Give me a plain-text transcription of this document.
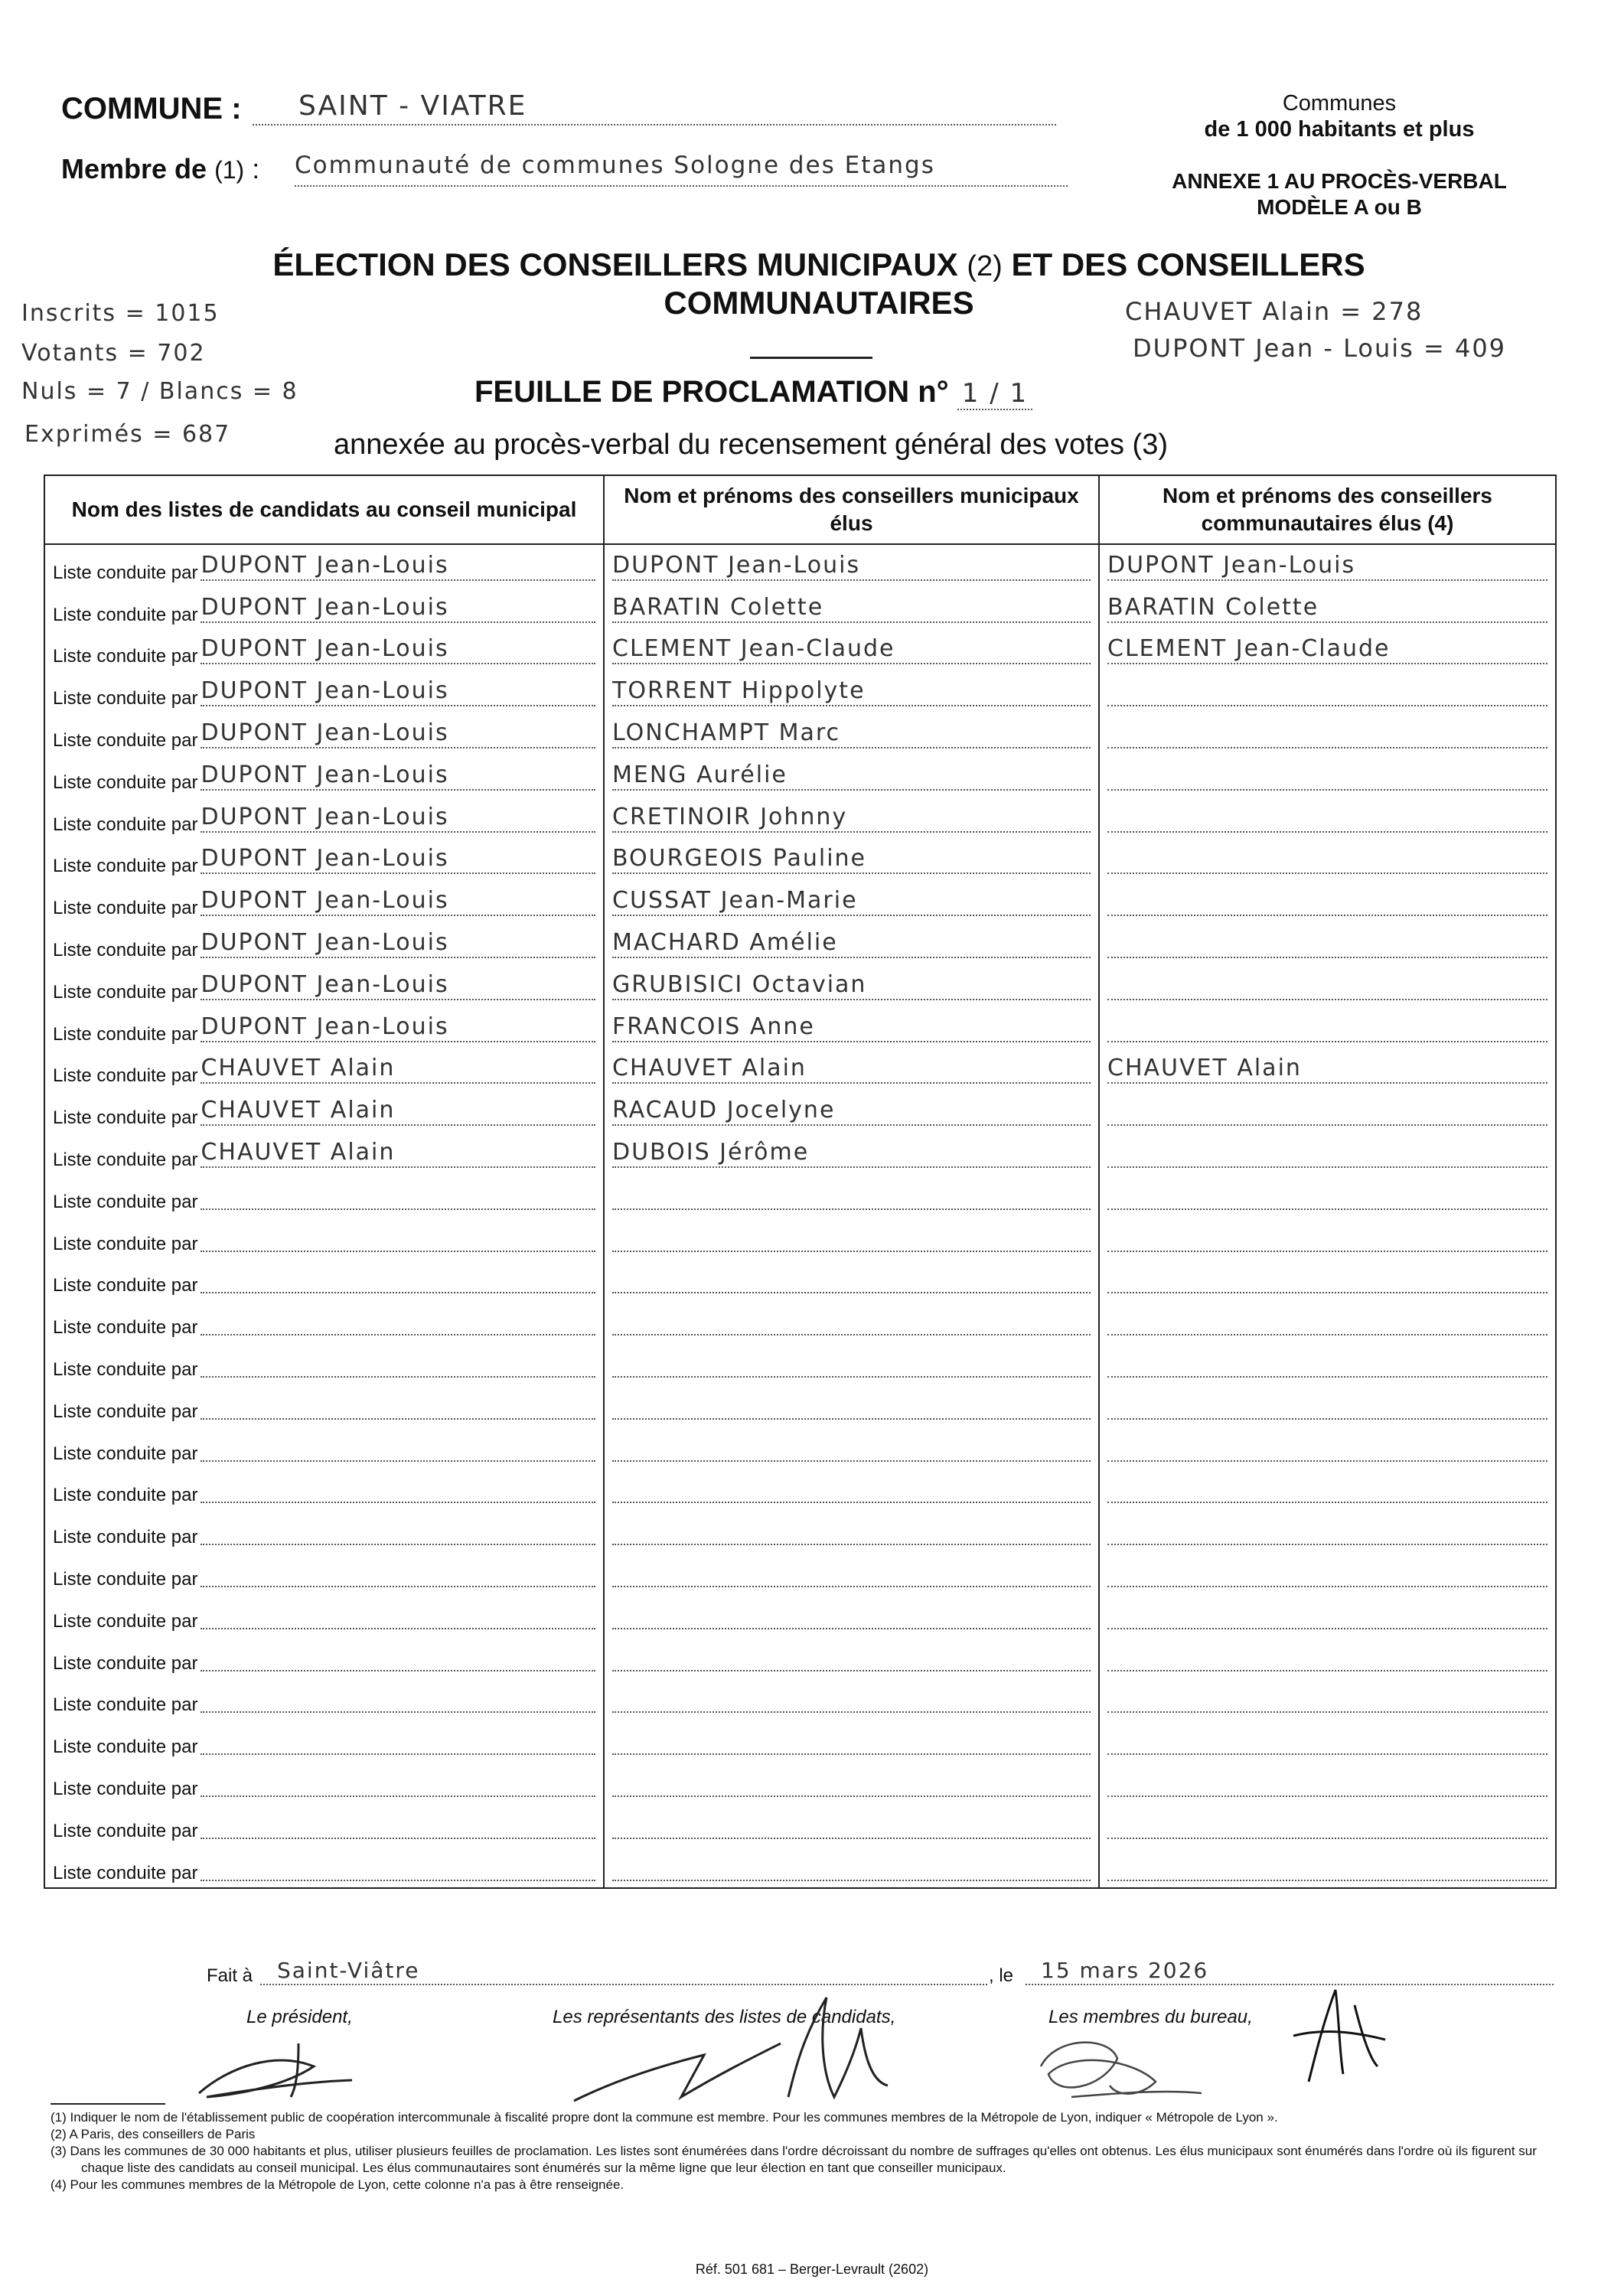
COMMUNE :	SAINT - VIATRE
Membre de (1) : Communauté de communes Sologne des Etangs
Communes
de 1 000 habitants et plus
ANNEXE 1 AU PROCÈS-VERBAL
MODÈLE A ou B
ÉLECTION DES CONSEILLERS MUNICIPAUX (2) ET DES CONSEILLERS
COMMUNAUTAIRES
FEUILLE DE PROCLAMATION n° 1 / 1
annexée au procès-verbal du recensement général des votes (3)
Inscrits = 1015
Votants = 702
Nuls = 7 / Blancs = 8
Exprimés = 687
CHAUVET Alain = 278
DUPONT Jean - Louis = 409
Nom des listes de candidats au conseil municipal	Nom et prénoms des conseillers municipaux élus	Nom et prénoms des conseillers communautaires élus (4)

Liste conduite par DUPONT Jean-Louis	DUPONT Jean-Louis	DUPONT Jean-Louis

Liste conduite par DUPONT Jean-Louis	BARATIN Colette	BARATIN Colette

Liste conduite par DUPONT Jean-Louis	CLEMENT Jean-Claude	CLEMENT Jean-Claude

Liste conduite par DUPONT Jean-Louis	TORRENT Hippolyte	

Liste conduite par DUPONT Jean-Louis	LONCHAMPT Marc	

Liste conduite par DUPONT Jean-Louis	MENG Aurélie	

Liste conduite par DUPONT Jean-Louis	CRETINOIR Johnny	

Liste conduite par DUPONT Jean-Louis	BOURGEOIS Pauline	

Liste conduite par DUPONT Jean-Louis	CUSSAT Jean-Marie	

Liste conduite par DUPONT Jean-Louis	MACHARD Amélie	

Liste conduite par DUPONT Jean-Louis	GRUBISICI Octavian	

Liste conduite par DUPONT Jean-Louis	FRANCOIS Anne	

Liste conduite par CHAUVET Alain	CHAUVET Alain	CHAUVET Alain

Liste conduite par CHAUVET Alain	RACAUD Jocelyne	

Liste conduite par CHAUVET Alain	DUBOIS Jérôme	

Liste conduite par		

Liste conduite par		

Liste conduite par		

Liste conduite par		

Liste conduite par		

Liste conduite par		

Liste conduite par		

Liste conduite par		

Liste conduite par		

Liste conduite par		

Liste conduite par		

Liste conduite par		

Liste conduite par		

Liste conduite par		

Liste conduite par		

Liste conduite par		

Liste conduite par		

Fait à	Saint-Viâtre	, le	15 mars 2026
Le président,	Les représentants des listes de candidats,	Les membres du bureau,
(1) Indiquer le nom de l'établissement public de coopération intercommunale à fiscalité propre dont la commune est membre. Pour les communes membres de la Métropole de Lyon, indiquer « Métropole de Lyon ».
(2) A Paris, des conseillers de Paris
(3) Dans les communes de 30 000 habitants et plus, utiliser plusieurs feuilles de proclamation. Les listes sont énumérées dans l'ordre décroissant du nombre de suffrages qu'elles ont obtenus. Les élus municipaux sont énumérés dans l'ordre où ils figurent sur chaque liste des candidats au conseil municipal. Les élus communautaires sont énumérés sur la même ligne que leur élection en tant que conseiller municipaux.
(4) Pour les communes membres de la Métropole de Lyon, cette colonne n'a pas à être renseignée.
Réf. 501 681 – Berger-Levrault (2602)
